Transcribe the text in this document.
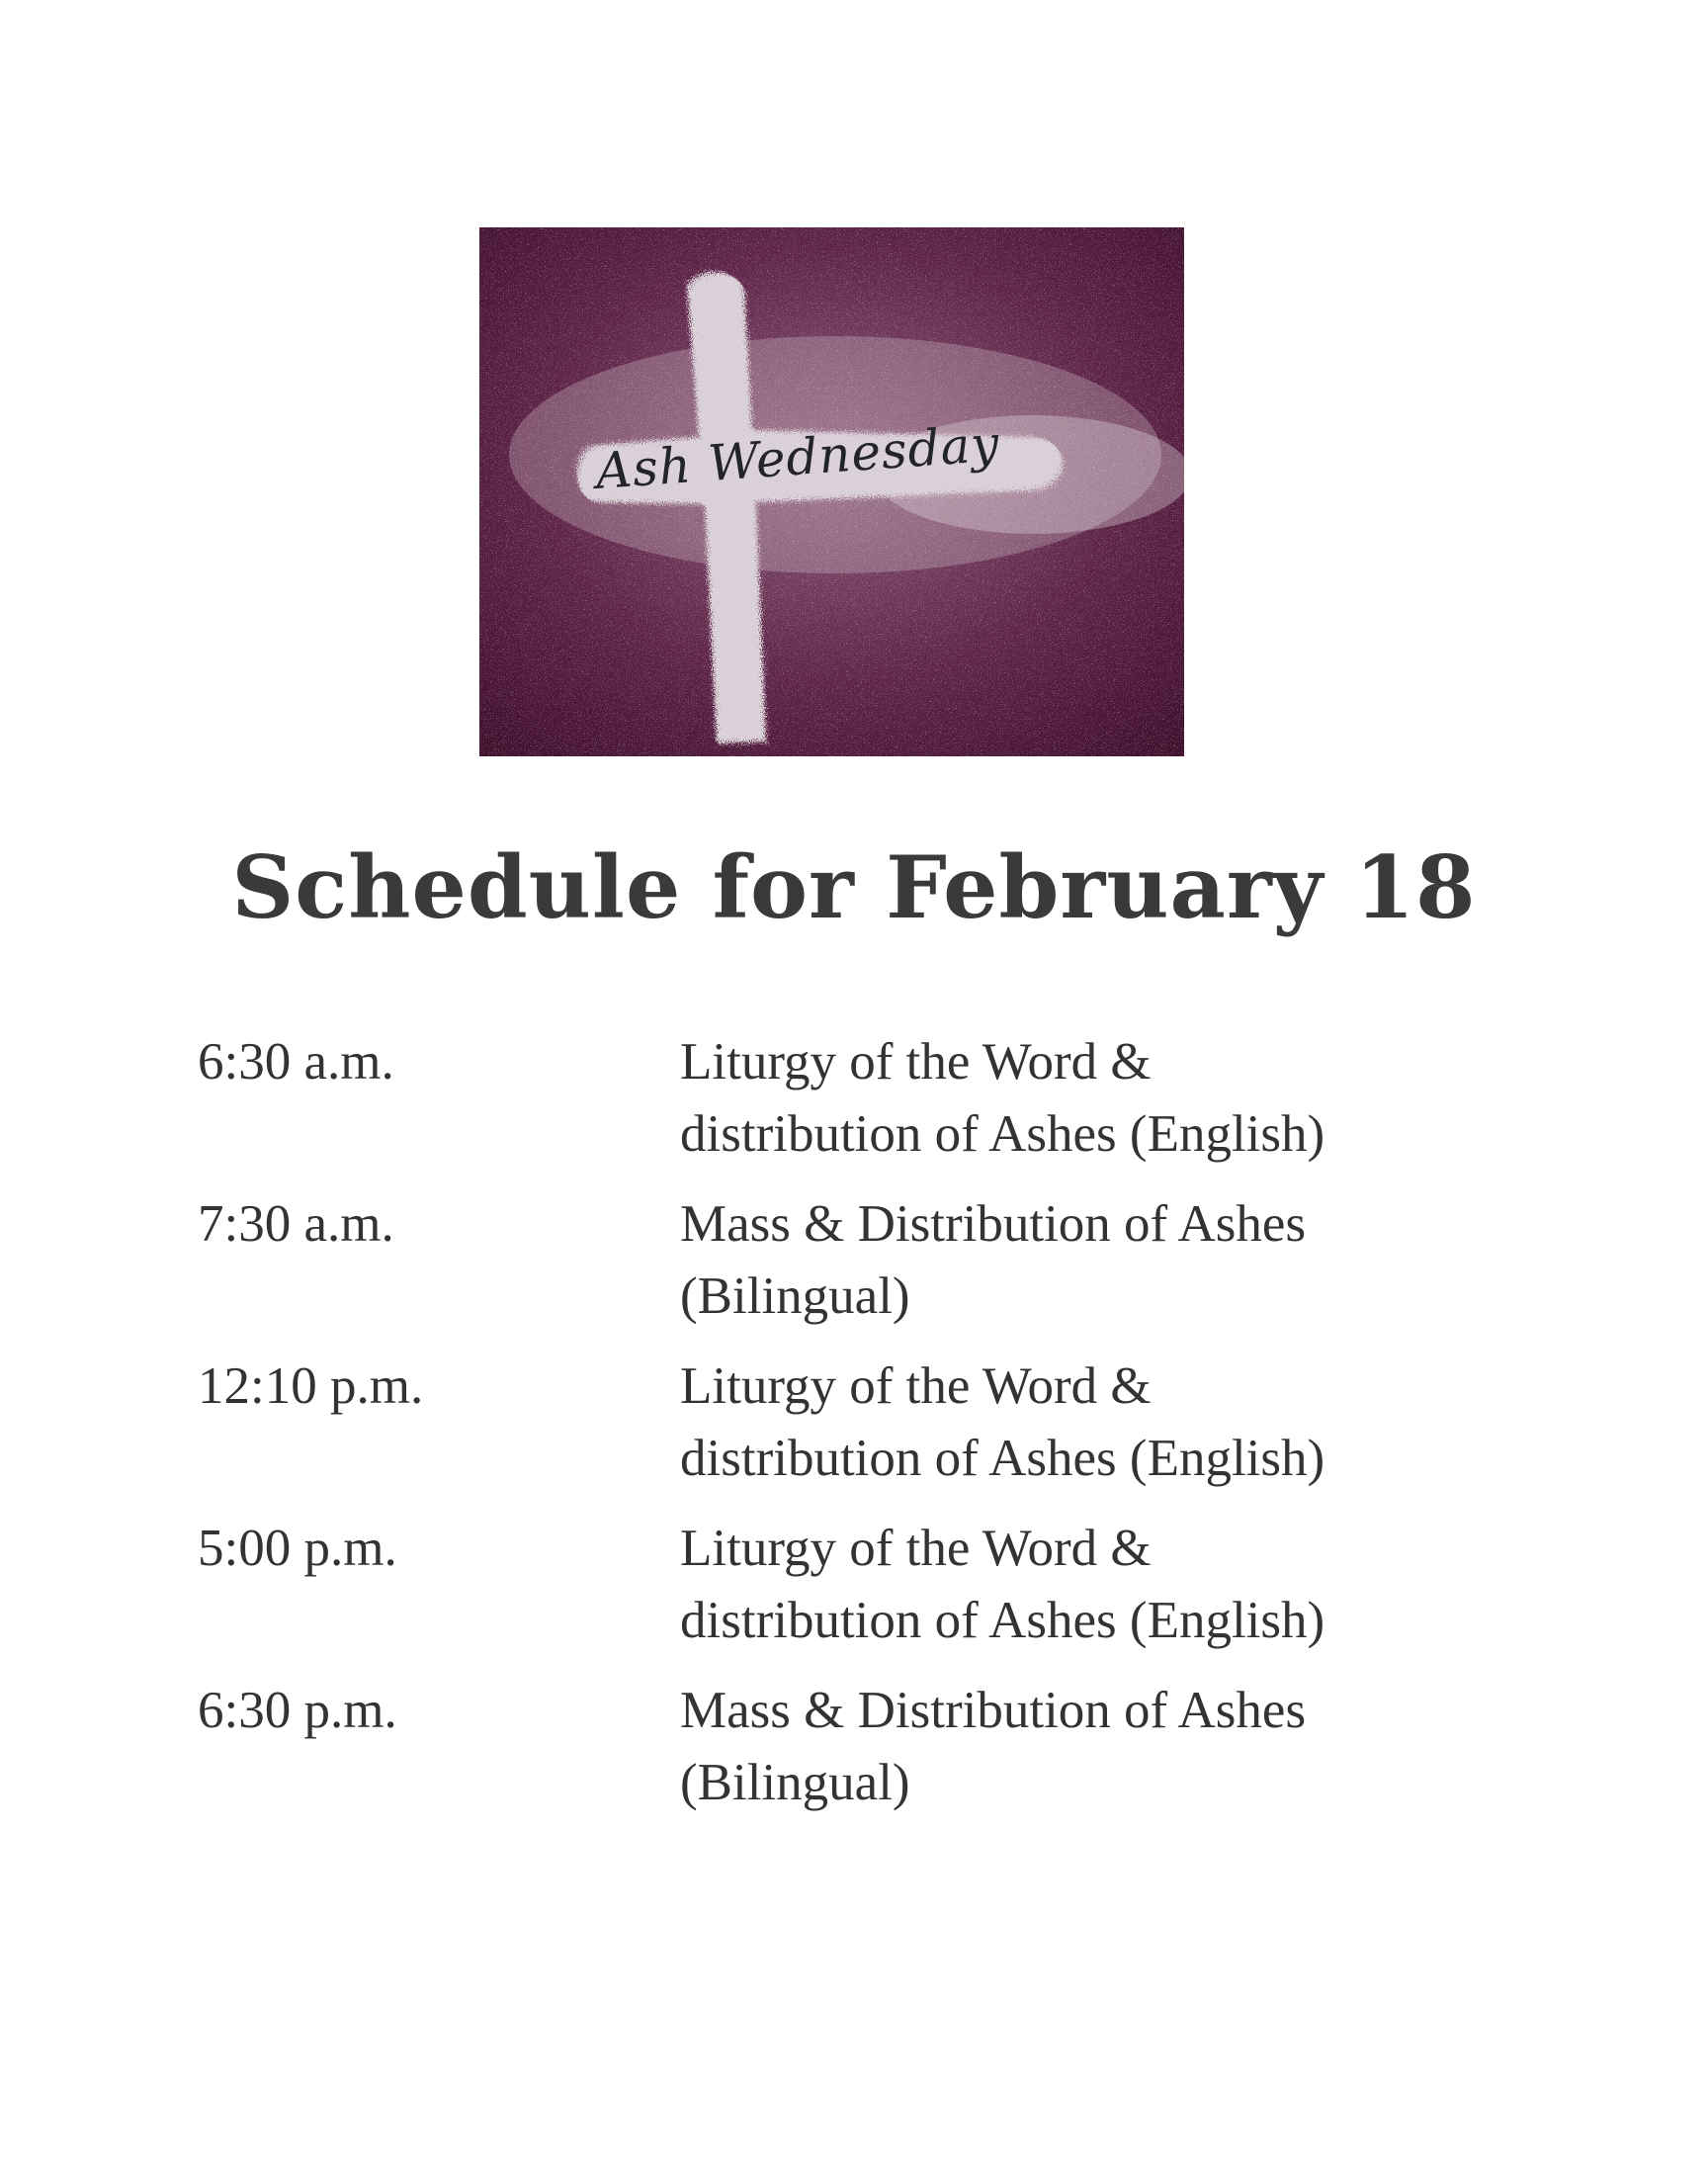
Ash Wednesday
Schedule for February 18
6:30 a.m.	Liturgy of the Word &
distribution of Ashes (English)
7:30 a.m.	Mass & Distribution of Ashes
(Bilingual)
12:10 p.m.	Liturgy of the Word &
distribution of Ashes (English)
5:00 p.m.	Liturgy of the Word &
distribution of Ashes (English)
6:30 p.m.	Mass & Distribution of Ashes
(Bilingual)
